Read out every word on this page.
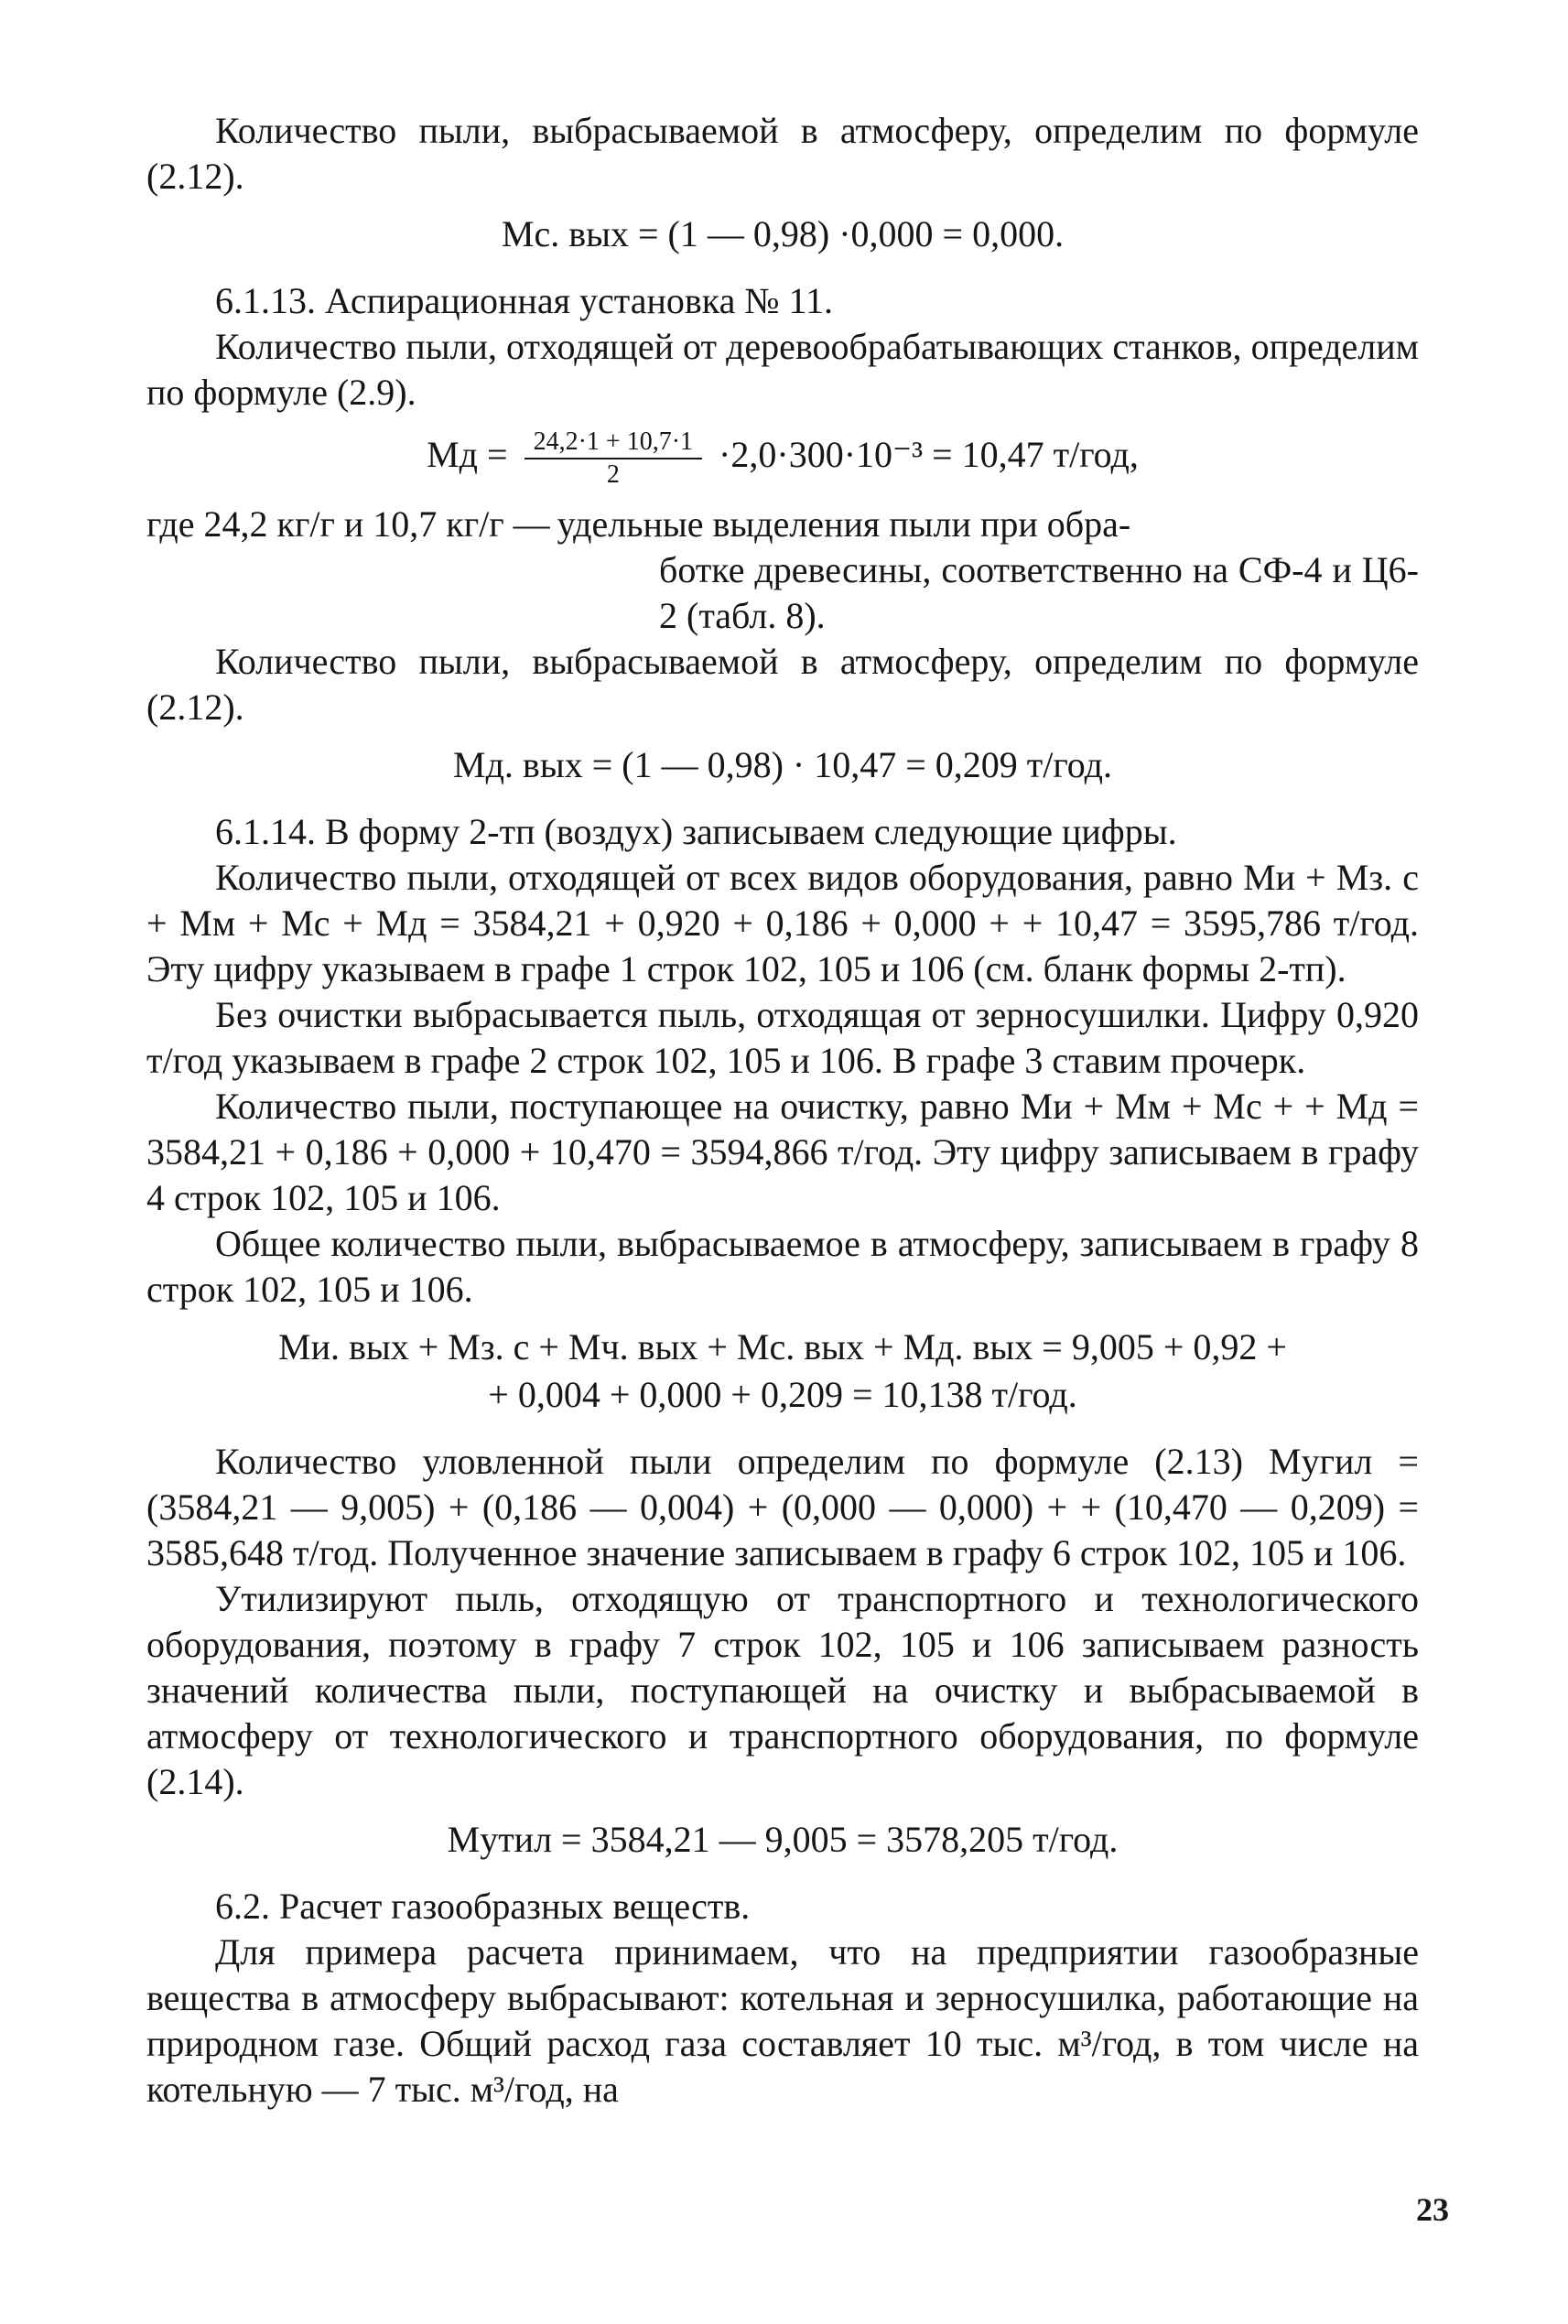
Количество пыли, выбрасываемой в атмосферу, определим по формуле (2.12).

Mс. вых = (1 — 0,98) ·0,000 = 0,000.

6.1.13. Аспирационная установка № 11.

Количество пыли, отходящей от деревообрабатывающих станков, определим по формуле (2.9).

Mд = $\frac{24,2\cdot 1 + 10,7\cdot 1}{2} \cdot 2,0\cdot 300\cdot 10^{-3} = 10,47$ т/год,

где 24,2 кг/г и 10,7 кг/г — удельные выделения пыли при обра-

ботке древесины, соответственно на СФ-4 и Ц6-2 (табл. 8).

Количество пыли, выбрасываемой в атмосферу, определим по формуле (2.12).

Mд. вых = (1 — 0,98) · 10,47 = 0,209 т/год.

6.1.14. В форму 2-тп (воздух) записываем следующие цифры.

Количество пыли, отходящей от всех видов оборудования, равно Mи + Mз. с + Mм + Mс + Mд = 3584,21 + 0,920 + 0,186 + 0,000 + + 10,47 = 3595,786 т/год. Эту цифру указываем в графе 1 строк 102, 105 и 106 (см. бланк формы 2-тп).

Без очистки выбрасывается пыль, отходящая от зерносушилки. Цифру 0,920 т/год указываем в графе 2 строк 102, 105 и 106. В графе 3 ставим прочерк.

Количество пыли, поступающее на очистку, равно Mи + Mм + Mс + + Mд = 3584,21 + 0,186 + 0,000 + 10,470 = 3594,866 т/год. Эту цифру записываем в графу 4 строк 102, 105 и 106.

Общее количество пыли, выбрасываемое в атмосферу, записываем в графу 8 строк 102, 105 и 106.

Mи. вых + Mз. с + Mч. вых + Mс. вых + Mд. вых = 9,005 + 0,92 +

+ 0,004 + 0,000 + 0,209 = 10,138 т/год.

Количество уловленной пыли определим по формуле (2.13) Mугил = (3584,21 — 9,005) + (0,186 — 0,004) + (0,000 — 0,000) + + (10,470 — 0,209) = 3585,648 т/год. Полученное значение записываем в графу 6 строк 102, 105 и 106.

Утилизируют пыль, отходящую от транспортного и технологического оборудования, поэтому в графу 7 строк 102, 105 и 106 записываем разность значений количества пыли, поступающей на очистку и выбрасываемой в атмосферу от технологического и транспортного оборудования, по формуле (2.14).

Mутил = 3584,21 — 9,005 = 3578,205 т/год.

6.2. Расчет газообразных веществ.

Для примера расчета принимаем, что на предприятии газообразные вещества в атмосферу выбрасывают: котельная и зерносушилка, работающие на природном газе. Общий расход газа составляет 10 тыс. м³/год, в том числе на котельную — 7 тыс. м³/год, на

23
